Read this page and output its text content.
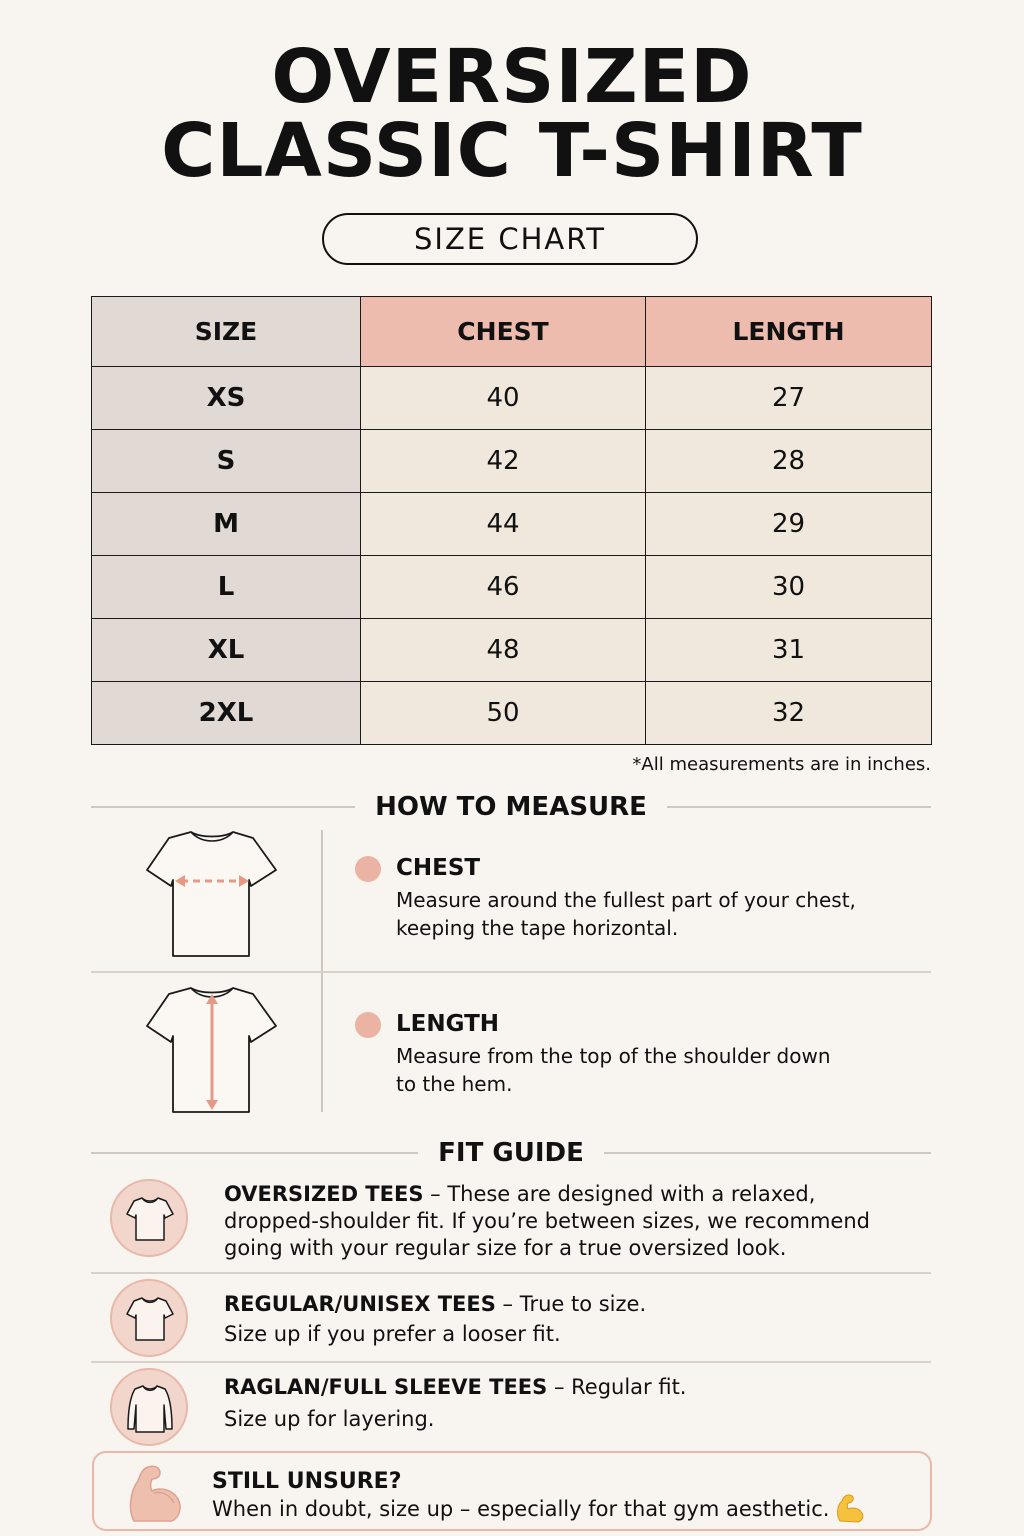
OVERSIZED
CLASSIC T-SHIRT
SIZE CHART
SIZE	CHEST	LENGTH
XS	40	27
S	42	28
M	44	29
L	46	30
XL	48	31
2XL	50	32
*All measurements are in inches.
HOW TO MEASURE
CHEST
Measure around the fullest part of your chest,
keeping the tape horizontal.
LENGTH
Measure from the top of the shoulder down
to the hem.
FIT GUIDE
OVERSIZED TEES – These are designed with a relaxed,
dropped-shoulder fit. If you’re between sizes, we recommend
going with your regular size for a true oversized look.
REGULAR/UNISEX TEES – True to size.
Size up if you prefer a looser fit.
RAGLAN/FULL SLEEVE TEES – Regular fit.
Size up for layering.
STILL UNSURE?
When in doubt, size up – especially for that gym aesthetic.
